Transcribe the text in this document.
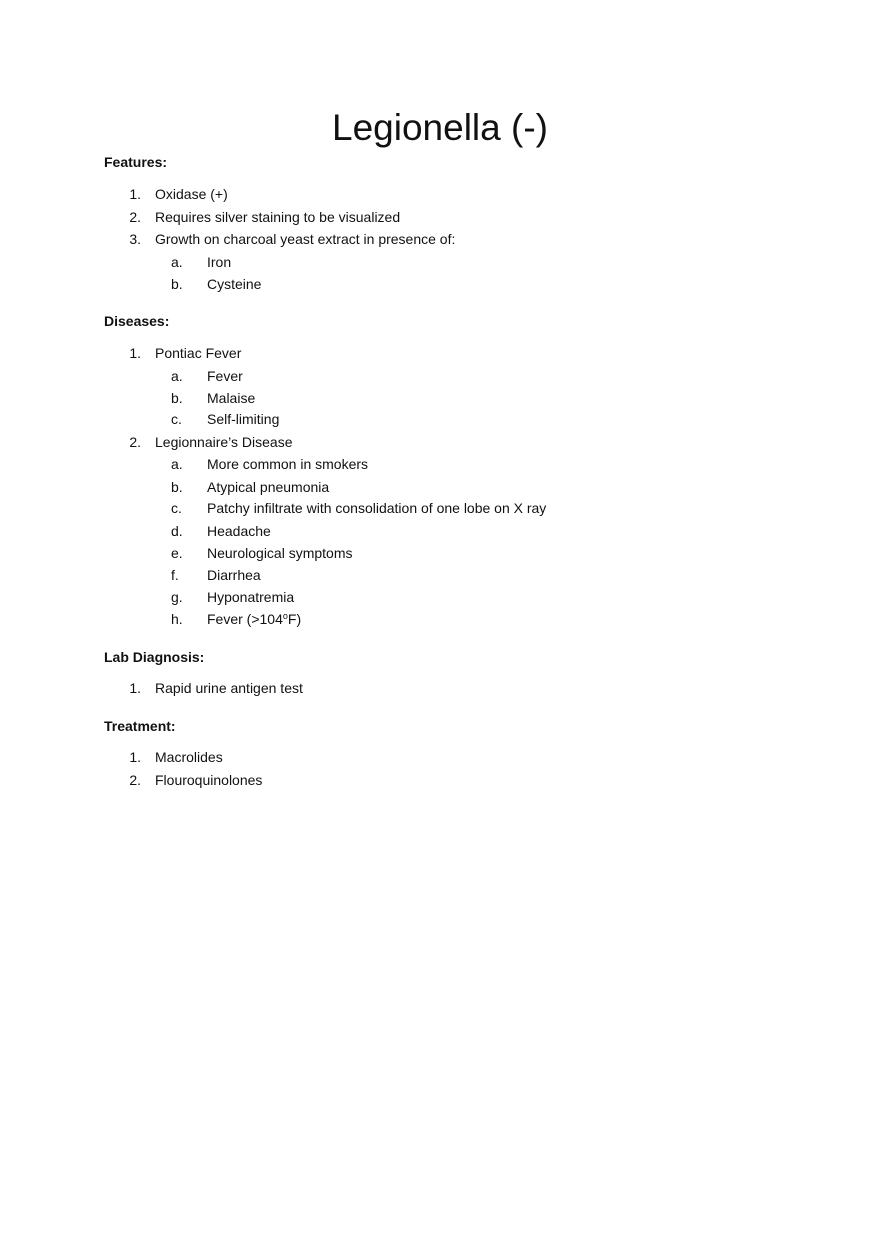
Legionella (-)
Features:
1. Oxidase (+)
2. Requires silver staining to be visualized
3. Growth on charcoal yeast extract in presence of:
a.	Iron
b.	Cysteine
Diseases:
1. Pontiac Fever
a.	Fever
b.	Malaise
c.	Self-limiting
2. Legionnaire’s Disease
a.	More common in smokers
b.	Atypical pneumonia
c.	Patchy infiltrate with consolidation of one lobe on X ray
d.	Headache
e.	Neurological symptoms
f.	Diarrhea
g.	Hyponatremia
h.	Fever $(>104^oF)$
Lab Diagnosis:
1. Rapid urine antigen test
Treatment:
1. Macrolides
2. Flouroquinolones
